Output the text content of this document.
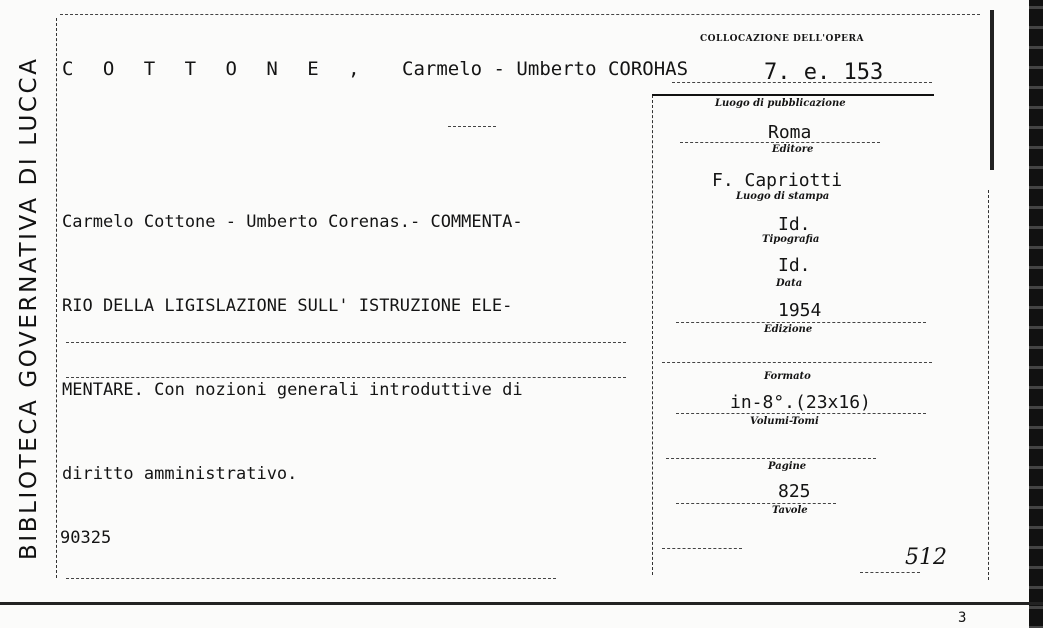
BIBLIOTECA GOVERNATIVA DI LUCCA C O T T O N E , Carmelo - Umberto COROHAS

Carmelo Cottone - Umberto Corenas.- COMMENTA-

RIO DELLA LIGISLAZIONE SULL' ISTRUZIONE ELE-

MENTARE. Con nozioni generali introduttive di

diritto amministrativo.

90325
COLLOCAZIONE DELL'OPERA
7. e. 153
Luogo di pubblicazione
Roma
Editore
F. Capriotti
Luogo di stampa
Id.
Tipografia
Id.
Data
1954
Edizione
Formato
in-8°.(23x16)
Volumi-Tomi
Pagine
825
Tavole
512
3
